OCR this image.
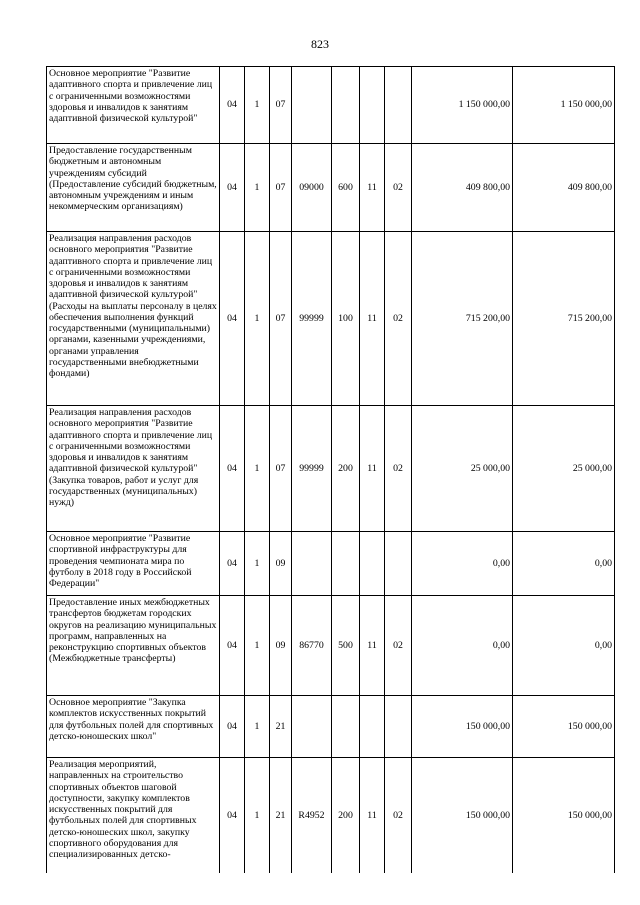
823
Основное мероприятие "Развитие адаптивного спорта и привлечение лиц с ограниченными возможностями здоровья и инвалидов к занятиям адаптивной физической культурой"	04	1	07					1 150 000,00	1 150 000,00
Предоставление государственным бюджетным и автономным учреждениям субсидий (Предоставление субсидий бюджетным, автономным учреждениям и иным некоммерческим организациям)	04	1	07	09000	600	11	02	409 800,00	409 800,00
Реализация направления расходов основного мероприятия "Развитие адаптивного спорта и привлечение лиц с ограниченными возможностями здоровья и инвалидов к занятиям адаптивной физической культурой" (Расходы на выплаты персоналу в целях обеспечения выполнения функций государственными (муниципальными) органами, казенными учреждениями, органами управления государственными внебюджетными фондами)	04	1	07	99999	100	11	02	715 200,00	715 200,00
Реализация направления расходов основного мероприятия "Развитие адаптивного спорта и привлечение лиц с ограниченными возможностями здоровья и инвалидов к занятиям адаптивной физической культурой" (Закупка товаров, работ и услуг для государственных (муниципальных) нужд)	04	1	07	99999	200	11	02	25 000,00	25 000,00
Основное мероприятие "Развитие спортивной инфраструктуры для проведения чемпионата мира по футболу в 2018 году в Российской Федерации"	04	1	09					0,00	0,00
Предоставление иных межбюджетных трансфертов бюджетам городских округов на реализацию муниципальных программ, направленных на реконструкцию спортивных объектов (Межбюджетные трансферты)	04	1	09	86770	500	11	02	0,00	0,00
Основное мероприятие "Закупка комплектов искусственных покрытий для футбольных полей для спортивных детско-юношеских школ"	04	1	21					150 000,00	150 000,00
Реализация мероприятий, направленных на строительство спортивных объектов шаговой доступности, закупку комплектов искусственных покрытий для футбольных полей для спортивных детско-юношеских школ, закупку спортивного оборудования для специализированных детско-	04	1	21	R4952	200	11	02	150 000,00	150 000,00
